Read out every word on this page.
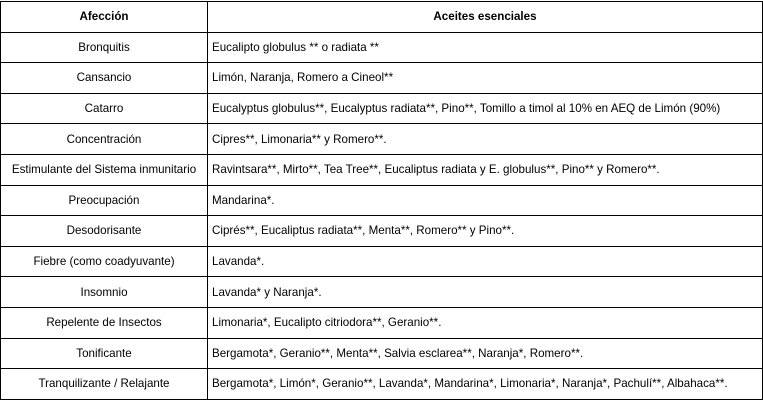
Afección	Aceites esenciales
Bronquitis	Eucalipto globulus ** o radiata **
Cansancio	Limón, Naranja, Romero a Cineol**
Catarro	Eucalyptus globulus**, Eucalyptus radiata**, Pino**, Tomillo a timol al 10% en AEQ de Limón (90%)
Concentración	Cipres**, Limonaria** y Romero**.
Estimulante del Sistema inmunitario	Ravintsara**, Mirto**, Tea Tree**, Eucaliptus radiata y E. globulus**, Pino** y Romero**.
Preocupación	Mandarina*.
Desodorisante	Ciprés**, Eucaliptus radiata**, Menta**, Romero** y Pino**.
Fiebre (como coadyuvante)	Lavanda*.
Insomnio	Lavanda* y Naranja*.
Repelente de Insectos	Limonaria*, Eucalipto citriodora**, Geranio**.
Tonificante	Bergamota*, Geranio**, Menta**, Salvia esclarea**, Naranja*, Romero**.
Tranquilizante / Relajante	Bergamota*, Limón*, Geranio**, Lavanda*, Mandarina*, Limonaria*, Naranja*, Pachulí**, Albahaca**.
